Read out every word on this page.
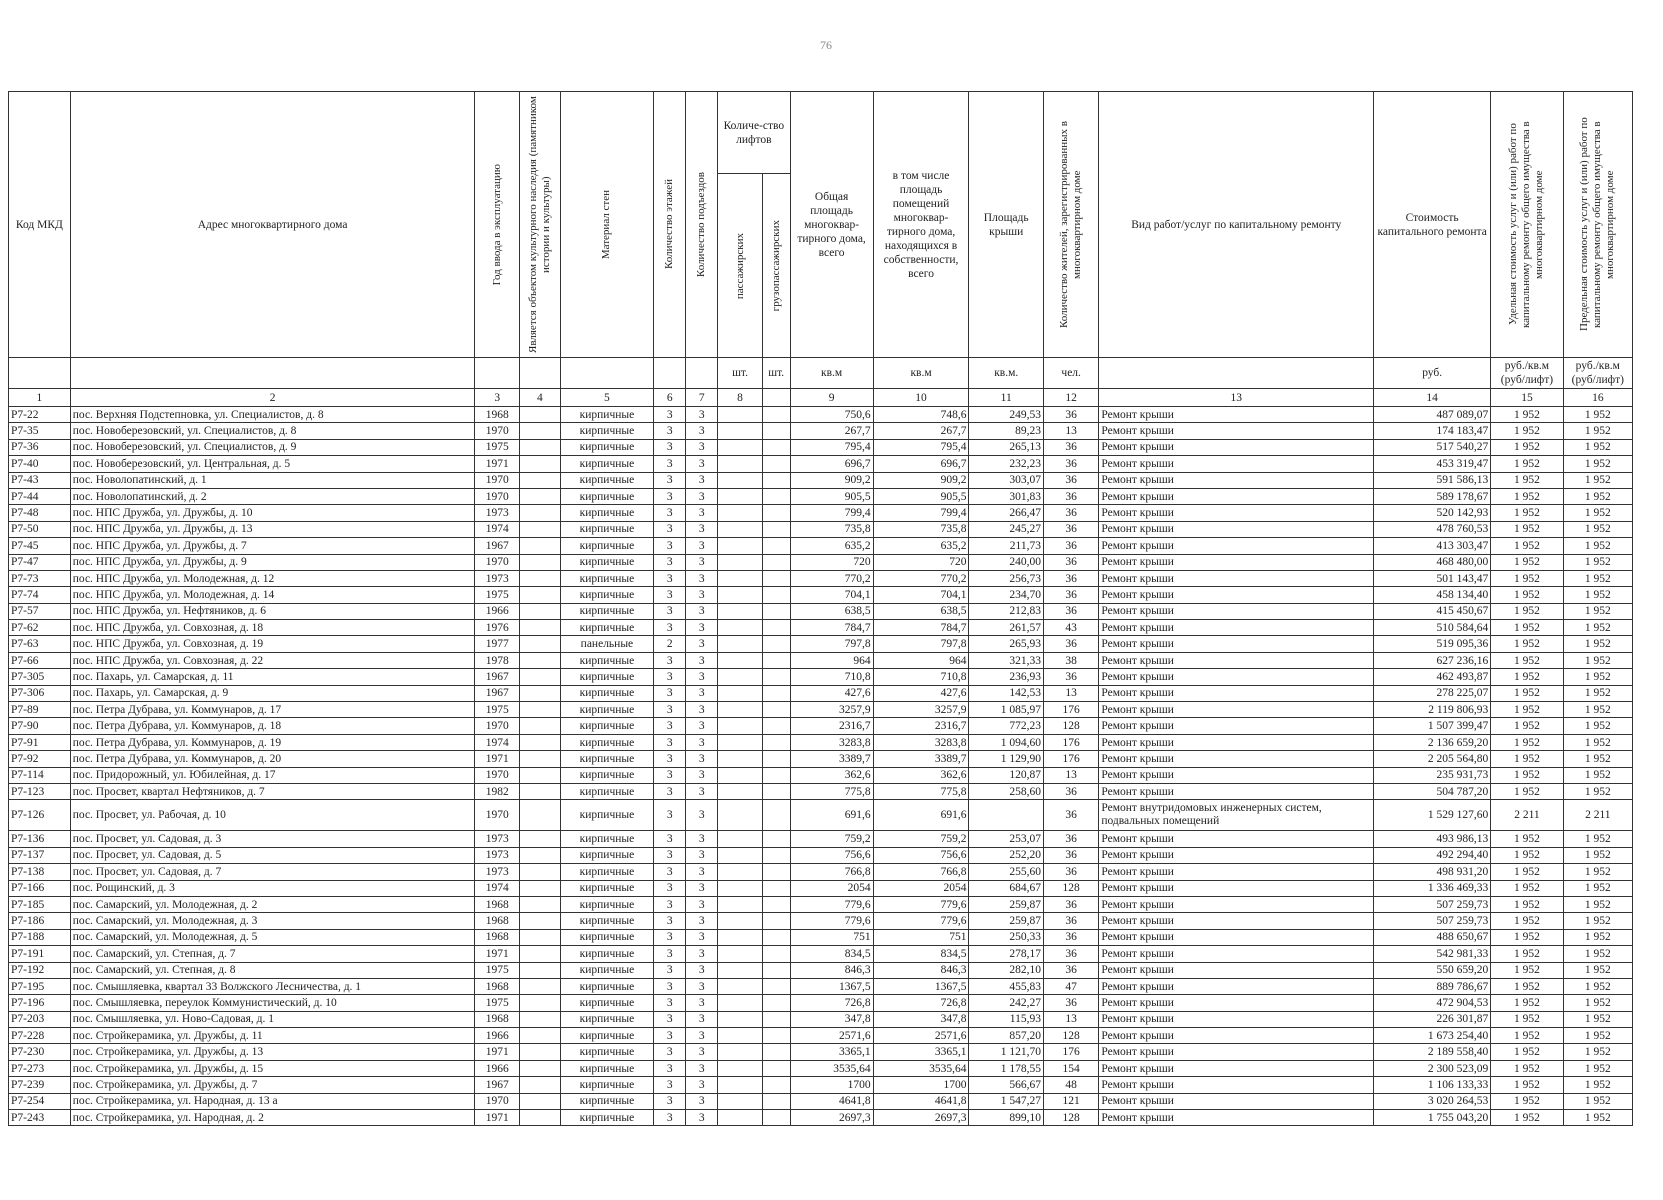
76
Код МКД	Адрес многоквартирного дома	Год ввода в эксплуатацию	Является объектом культурного наследия (памятником истории и культуры)	Материал стен	Количество этажей	Количество подъездов	Количе-ство лифтов		Общая площадь многоквар-тирного дома, всего	в том числе площадь помещений многоквар-тирного дома, находящихся в собственности, всего	Площадь крыши	Количество жителей, зарегистрированных в многоквартирном доме	Вид работ/услуг по капитальному ремонту	Стоимость капитального ремонта	Удельная стоимость услуг и (или) работ по капитальному ремонту общего имущества в многоквартирном доме	Предельная стоимость услуг и (или) работ по капитальному ремонту общего имущества в многоквартирном доме

							пассажирских	грузопассажирских								

							шт.	шт.	кв.м	кв.м	кв.м.	чел.		руб.	руб./кв.м (руб/лифт)	руб./кв.м (руб/лифт)
1	2	3	4	5	6	7	8		9	10	11	12	13	14	15	16
Р7-22	пос. Верхняя Подстепновка, ул. Специалистов, д. 8	1968		кирпичные	3	3			750,6	748,6	249,53	36	Ремонт крыши	487 089,07	1 952	1 952
Р7-35	пос. Новоберезовский, ул. Специалистов, д. 8	1970		кирпичные	3	3			267,7	267,7	89,23	13	Ремонт крыши	174 183,47	1 952	1 952
Р7-36	пос. Новоберезовский, ул. Специалистов, д. 9	1975		кирпичные	3	3			795,4	795,4	265,13	36	Ремонт крыши	517 540,27	1 952	1 952
Р7-40	пос. Новоберезовский, ул. Центральная, д. 5	1971		кирпичные	3	3			696,7	696,7	232,23	36	Ремонт крыши	453 319,47	1 952	1 952
Р7-43	пос. Новолопатинский, д. 1	1970		кирпичные	3	3			909,2	909,2	303,07	36	Ремонт крыши	591 586,13	1 952	1 952
Р7-44	пос. Новолопатинский, д. 2	1970		кирпичные	3	3			905,5	905,5	301,83	36	Ремонт крыши	589 178,67	1 952	1 952
Р7-48	пос. НПС Дружба, ул. Дружбы, д. 10	1973		кирпичные	3	3			799,4	799,4	266,47	36	Ремонт крыши	520 142,93	1 952	1 952
Р7-50	пос. НПС Дружба, ул. Дружбы, д. 13	1974		кирпичные	3	3			735,8	735,8	245,27	36	Ремонт крыши	478 760,53	1 952	1 952
Р7-45	пос. НПС Дружба, ул. Дружбы, д. 7	1967		кирпичные	3	3			635,2	635,2	211,73	36	Ремонт крыши	413 303,47	1 952	1 952
Р7-47	пос. НПС Дружба, ул. Дружбы, д. 9	1970		кирпичные	3	3			720	720	240,00	36	Ремонт крыши	468 480,00	1 952	1 952
Р7-73	пос. НПС Дружба, ул. Молодежная, д. 12	1973		кирпичные	3	3			770,2	770,2	256,73	36	Ремонт крыши	501 143,47	1 952	1 952
Р7-74	пос. НПС Дружба, ул. Молодежная, д. 14	1975		кирпичные	3	3			704,1	704,1	234,70	36	Ремонт крыши	458 134,40	1 952	1 952
Р7-57	пос. НПС Дружба, ул. Нефтяников, д. 6	1966		кирпичные	3	3			638,5	638,5	212,83	36	Ремонт крыши	415 450,67	1 952	1 952
Р7-62	пос. НПС Дружба, ул. Совхозная, д. 18	1976		кирпичные	3	3			784,7	784,7	261,57	43	Ремонт крыши	510 584,64	1 952	1 952
Р7-63	пос. НПС Дружба, ул. Совхозная, д. 19	1977		панельные	2	3			797,8	797,8	265,93	36	Ремонт крыши	519 095,36	1 952	1 952
Р7-66	пос. НПС Дружба, ул. Совхозная, д. 22	1978		кирпичные	3	3			964	964	321,33	38	Ремонт крыши	627 236,16	1 952	1 952
Р7-305	пос. Пахарь, ул. Самарская, д. 11	1967		кирпичные	3	3			710,8	710,8	236,93	36	Ремонт крыши	462 493,87	1 952	1 952
Р7-306	пос. Пахарь, ул. Самарская, д. 9	1967		кирпичные	3	3			427,6	427,6	142,53	13	Ремонт крыши	278 225,07	1 952	1 952
Р7-89	пос. Петра Дубрава, ул. Коммунаров, д. 17	1975		кирпичные	3	3			3257,9	3257,9	1 085,97	176	Ремонт крыши	2 119 806,93	1 952	1 952
Р7-90	пос. Петра Дубрава, ул. Коммунаров, д. 18	1970		кирпичные	3	3			2316,7	2316,7	772,23	128	Ремонт крыши	1 507 399,47	1 952	1 952
Р7-91	пос. Петра Дубрава, ул. Коммунаров, д. 19	1974		кирпичные	3	3			3283,8	3283,8	1 094,60	176	Ремонт крыши	2 136 659,20	1 952	1 952
Р7-92	пос. Петра Дубрава, ул. Коммунаров, д. 20	1971		кирпичные	3	3			3389,7	3389,7	1 129,90	176	Ремонт крыши	2 205 564,80	1 952	1 952
Р7-114	пос. Придорожный, ул. Юбилейная, д. 17	1970		кирпичные	3	3			362,6	362,6	120,87	13	Ремонт крыши	235 931,73	1 952	1 952
Р7-123	пос. Просвет, квартал Нефтяников, д. 7	1982		кирпичные	3	3			775,8	775,8	258,60	36	Ремонт крыши	504 787,20	1 952	1 952
Р7-126	пос. Просвет, ул. Рабочая, д. 10	1970		кирпичные	3	3			691,6	691,6		36	Ремонт внутридомовых инженерных систем, подвальных помещений	1 529 127,60	2 211	2 211
Р7-136	пос. Просвет, ул. Садовая, д. 3	1973		кирпичные	3	3			759,2	759,2	253,07	36	Ремонт крыши	493 986,13	1 952	1 952
Р7-137	пос. Просвет, ул. Садовая, д. 5	1973		кирпичные	3	3			756,6	756,6	252,20	36	Ремонт крыши	492 294,40	1 952	1 952
Р7-138	пос. Просвет, ул. Садовая, д. 7	1973		кирпичные	3	3			766,8	766,8	255,60	36	Ремонт крыши	498 931,20	1 952	1 952
Р7-166	пос. Рощинский, д. 3	1974		кирпичные	3	3			2054	2054	684,67	128	Ремонт крыши	1 336 469,33	1 952	1 952
Р7-185	пос. Самарский, ул. Молодежная, д. 2	1968		кирпичные	3	3			779,6	779,6	259,87	36	Ремонт крыши	507 259,73	1 952	1 952
Р7-186	пос. Самарский, ул. Молодежная, д. 3	1968		кирпичные	3	3			779,6	779,6	259,87	36	Ремонт крыши	507 259,73	1 952	1 952
Р7-188	пос. Самарский, ул. Молодежная, д. 5	1968		кирпичные	3	3			751	751	250,33	36	Ремонт крыши	488 650,67	1 952	1 952
Р7-191	пос. Самарский, ул. Степная, д. 7	1971		кирпичные	3	3			834,5	834,5	278,17	36	Ремонт крыши	542 981,33	1 952	1 952
Р7-192	пос. Самарский, ул. Степная, д. 8	1975		кирпичные	3	3			846,3	846,3	282,10	36	Ремонт крыши	550 659,20	1 952	1 952
Р7-195	пос. Смышляевка, квартал 33 Волжского Лесничества, д. 1	1968		кирпичные	3	3			1367,5	1367,5	455,83	47	Ремонт крыши	889 786,67	1 952	1 952
Р7-196	пос. Смышляевка, переулок Коммунистический, д. 10	1975		кирпичные	3	3			726,8	726,8	242,27	36	Ремонт крыши	472 904,53	1 952	1 952
Р7-203	пос. Смышляевка, ул. Ново-Садовая, д. 1	1968		кирпичные	3	3			347,8	347,8	115,93	13	Ремонт крыши	226 301,87	1 952	1 952
Р7-228	пос. Стройкерамика, ул. Дружбы, д. 11	1966		кирпичные	3	3			2571,6	2571,6	857,20	128	Ремонт крыши	1 673 254,40	1 952	1 952
Р7-230	пос. Стройкерамика, ул. Дружбы, д. 13	1971		кирпичные	3	3			3365,1	3365,1	1 121,70	176	Ремонт крыши	2 189 558,40	1 952	1 952
Р7-273	пос. Стройкерамика, ул. Дружбы, д. 15	1966		кирпичные	3	3			3535,64	3535,64	1 178,55	154	Ремонт крыши	2 300 523,09	1 952	1 952
Р7-239	пос. Стройкерамика, ул. Дружбы, д. 7	1967		кирпичные	3	3			1700	1700	566,67	48	Ремонт крыши	1 106 133,33	1 952	1 952
Р7-254	пос. Стройкерамика, ул. Народная, д. 13 а	1970		кирпичные	3	3			4641,8	4641,8	1 547,27	121	Ремонт крыши	3 020 264,53	1 952	1 952
Р7-243	пос. Стройкерамика, ул. Народная, д. 2	1971		кирпичные	3	3			2697,3	2697,3	899,10	128	Ремонт крыши	1 755 043,20	1 952	1 952
